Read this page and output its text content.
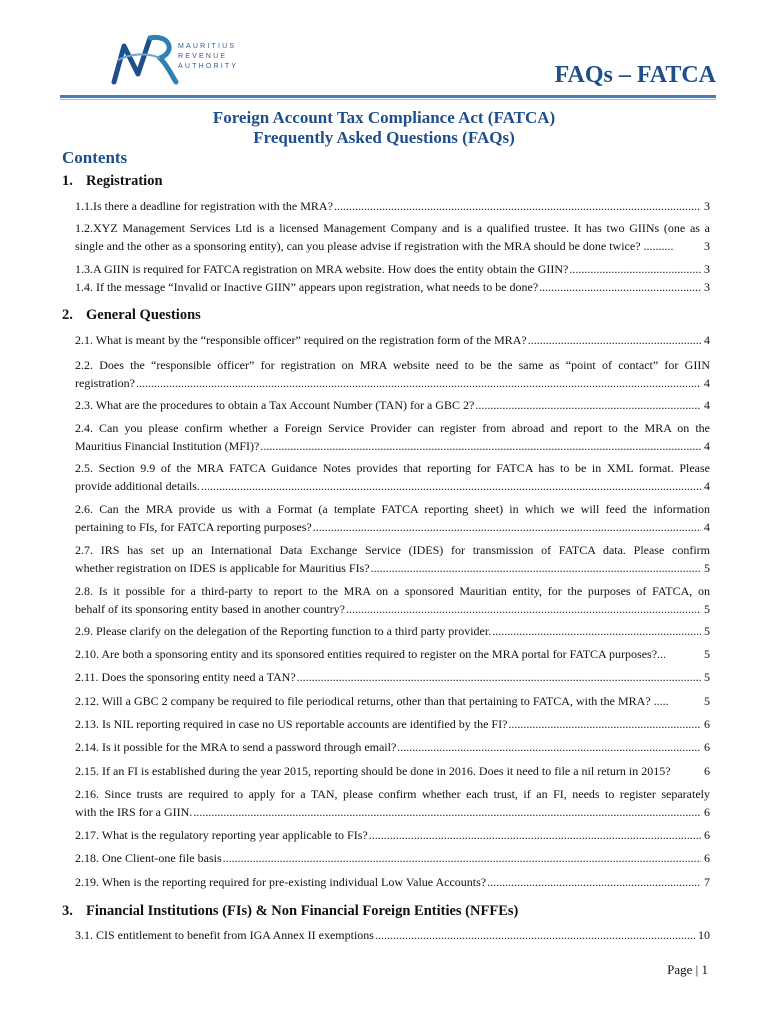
MAURITIUS
REVENUE
AUTHORITY	FAQs – FATCA
Foreign Account Tax Compliance Act (FATCA)
Frequently Asked Questions (FAQs)
Contents
1. Registration
1.1.Is there a deadline for registration with the MRA? .....	3
1.2.XYZ Management Services Ltd is a licensed Management Company and is a qualified trustee. It has two GIINs (one as a
single and the other as a sponsoring entity), can you please advise if registration with the MRA should be done twice? ..........	3
1.3.A GIIN is required for FATCA registration on MRA website. How does the entity obtain the GIIN? .....	3
1.4. If the message “Invalid or Inactive GIIN” appears upon registration, what needs to be done? .....	3
2. General Questions
2.1. What is meant by the “responsible officer” required on the registration form of the MRA? .....	4
2.2. Does the “responsible officer” for registration on MRA website need to be the same as “point of contact” for GIIN
registration? .....	4
2.3. What are the procedures to obtain a Tax Account Number (TAN) for a GBC 2? .....	4
2.4. Can you please confirm whether a Foreign Service Provider can register from abroad and report to the MRA on the
Mauritius Financial Institution (MFI)? .....	4
2.5. Section 9.9 of the MRA FATCA Guidance Notes provides that reporting for FATCA has to be in XML format. Please
provide additional details. .....	4
2.6. Can the MRA provide us with a Format (a template FATCA reporting sheet) in which we will feed the information
pertaining to FIs, for FATCA reporting purposes? .....	4
2.7. IRS has set up an International Data Exchange Service (IDES) for transmission of FATCA data. Please confirm
whether registration on IDES is applicable for Mauritius FIs? .....	5
2.8. Is it possible for a third-party to report to the MRA on a sponsored Mauritian entity, for the purposes of FATCA, on
behalf of its sponsoring entity based in another country? .....	5
2.9. Please clarify on the delegation of the Reporting function to a third party provider. .....	5
2.10. Are both a sponsoring entity and its sponsored entities required to register on the MRA portal for FATCA purposes?...	5
2.11. Does the sponsoring entity need a TAN? .....	5
2.12. Will a GBC 2 company be required to file periodical returns, other than that pertaining to FATCA, with the MRA? .....	5
2.13. Is NIL reporting required in case no US reportable accounts are identified by the FI? .....	6
2.14. Is it possible for the MRA to send a password through email? .....	6
2.15. If an FI is established during the year 2015, reporting should be done in 2016. Does it need to file a nil return in 2015?	6
2.16. Since trusts are required to apply for a TAN, please confirm whether each trust, if an FI, needs to register separately
with the IRS for a GIIN. .....	6
2.17. What is the regulatory reporting year applicable to FIs? .....	6
2.18. One Client-one file basis .....	6
2.19. When is the reporting required for pre-existing individual Low Value Accounts? .....	7
3. Financial Institutions (FIs) & Non Financial Foreign Entities (NFFEs)
3.1. CIS entitlement to benefit from IGA Annex II exemptions .....	10
Page | 1
